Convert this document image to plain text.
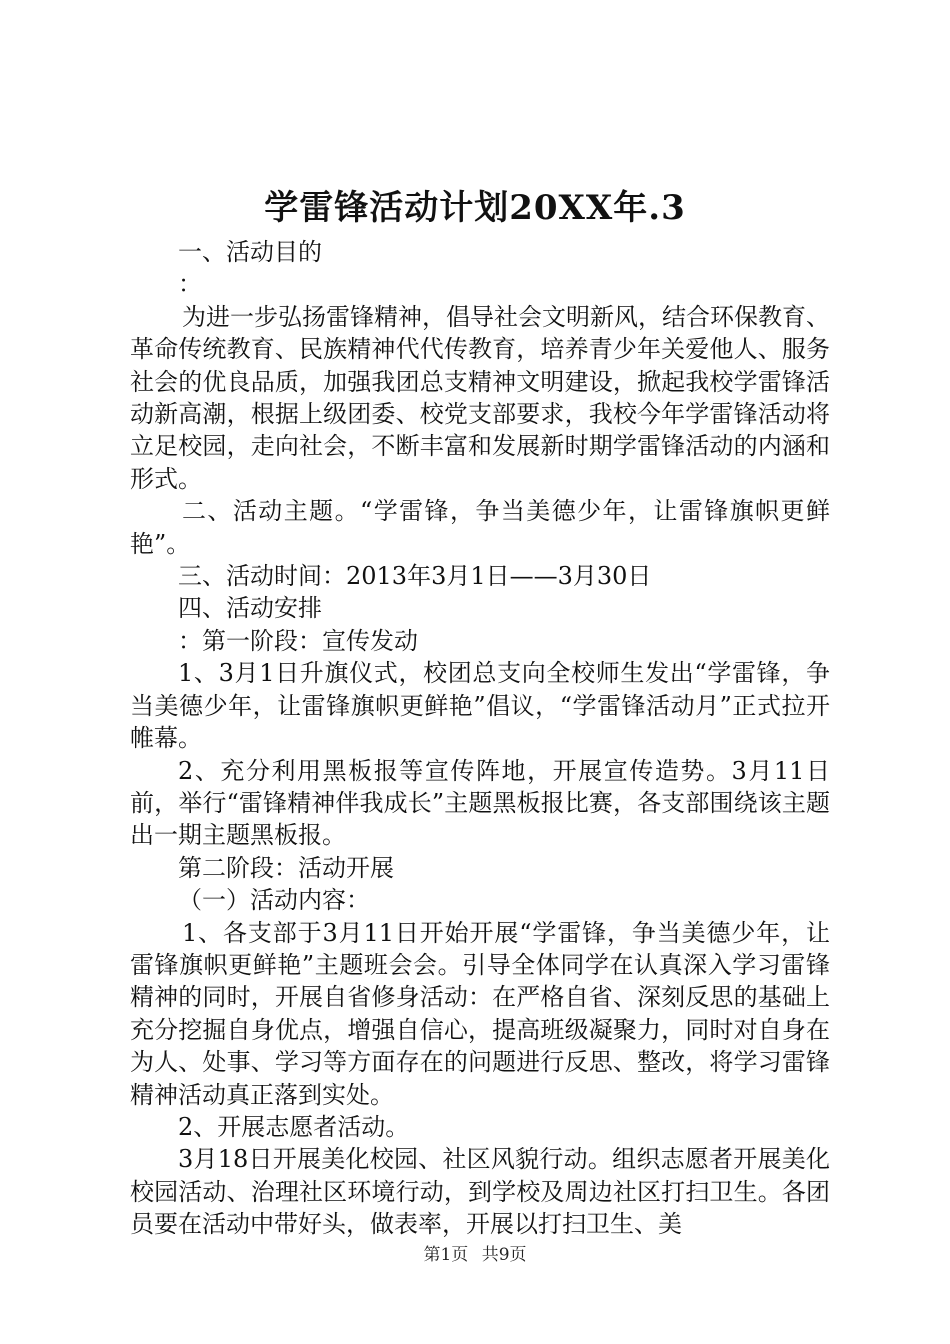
学雷锋活动计划20XX年.3

一、活动目的

：

为进一步弘扬雷锋精神，倡导社会文明新风，结合环保教育、革命传统教育、民族精神代代传教育，培养青少年关爱他人、服务社会的优良品质，加强我团总支精神文明建设，掀起我校学雷锋活动新高潮，根据上级团委、校党支部要求，我校今年学雷锋活动将立足校园，走向社会，不断丰富和发展新时期学雷锋活动的内涵和形式。

二、活动主题。“学雷锋，争当美德少年，让雷锋旗帜更鲜艳”。

三、活动时间：2013年3月1日——3月30日

四、活动安排

：第一阶段：宣传发动

1、3月1日升旗仪式，校团总支向全校师生发出“学雷锋，争当美德少年，让雷锋旗帜更鲜艳”倡议，“学雷锋活动月”正式拉开帷幕。

2、充分利用黑板报等宣传阵地，开展宣传造势。3月11日前，举行“雷锋精神伴我成长”主题黑板报比赛，各支部围绕该主题出一期主题黑板报。

第二阶段：活动开展

（一）活动内容：

1、各支部于3月11日开始开展“学雷锋，争当美德少年，让雷锋旗帜更鲜艳”主题班会会。引导全体同学在认真深入学习雷锋精神的同时，开展自省修身活动：在严格自省、深刻反思的基础上充分挖掘自身优点，增强自信心，提高班级凝聚力，同时对自身在为人、处事、学习等方面存在的问题进行反思、整改，将学习雷锋精神活动真正落到实处。

2、开展志愿者活动。

3月18日开展美化校园、社区风貌行动。组织志愿者开展美化校园活动、治理社区环境行动，到学校及周边社区打扫卫生。各团员要在活动中带好头，做表率，开展以打扫卫生、美

第1页 共9页
